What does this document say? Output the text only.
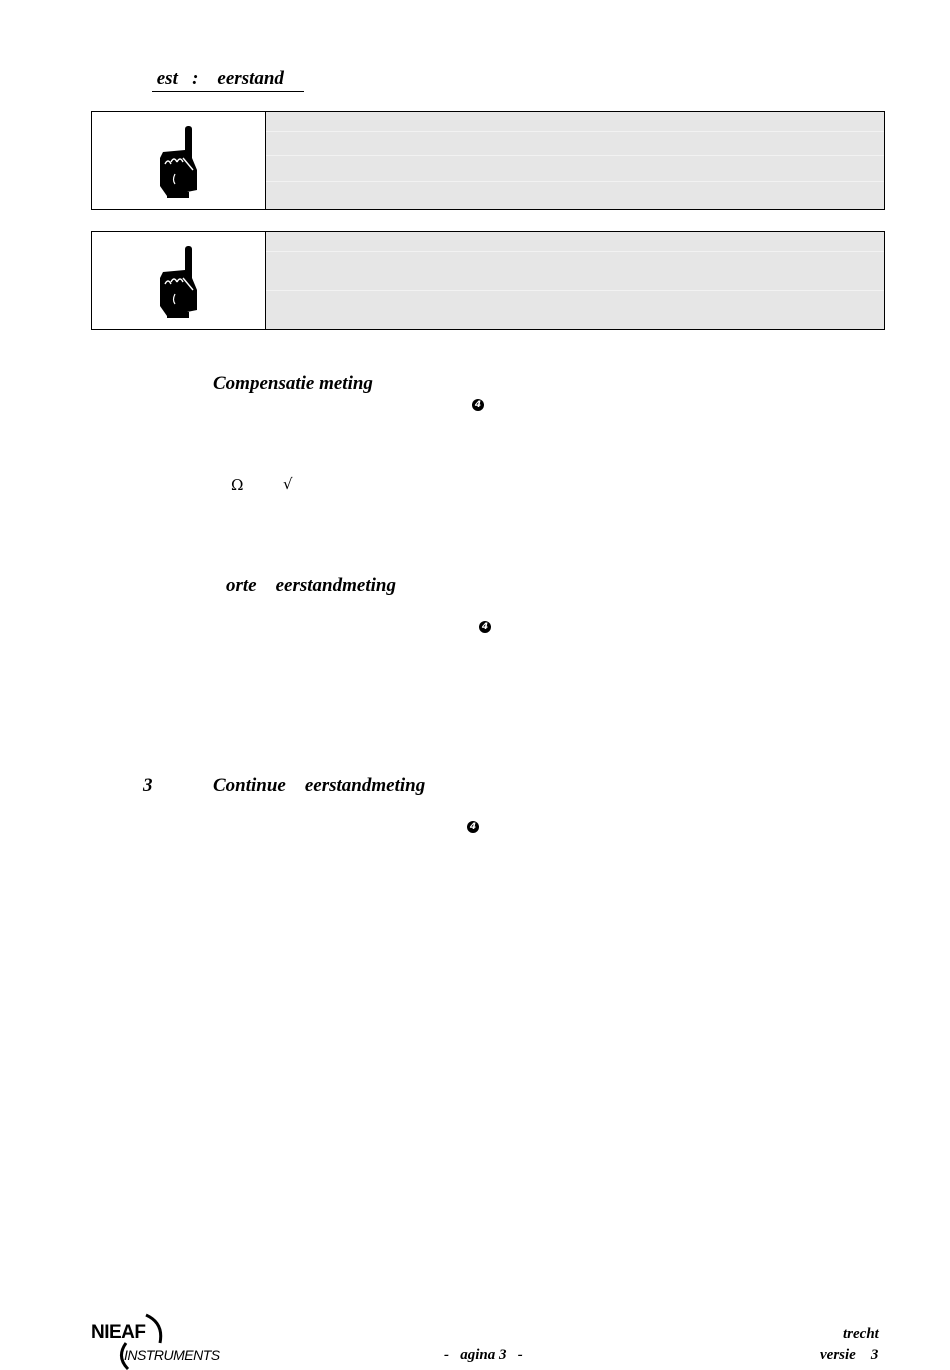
est   :    eerstand
Compensatie meting
4
Ω	√
orte    eerstandmeting
4
3	Continue    eerstandmeting
4
NIEAF
INSTRUMENTS	-   agina 3   -
trecht
versie    3
